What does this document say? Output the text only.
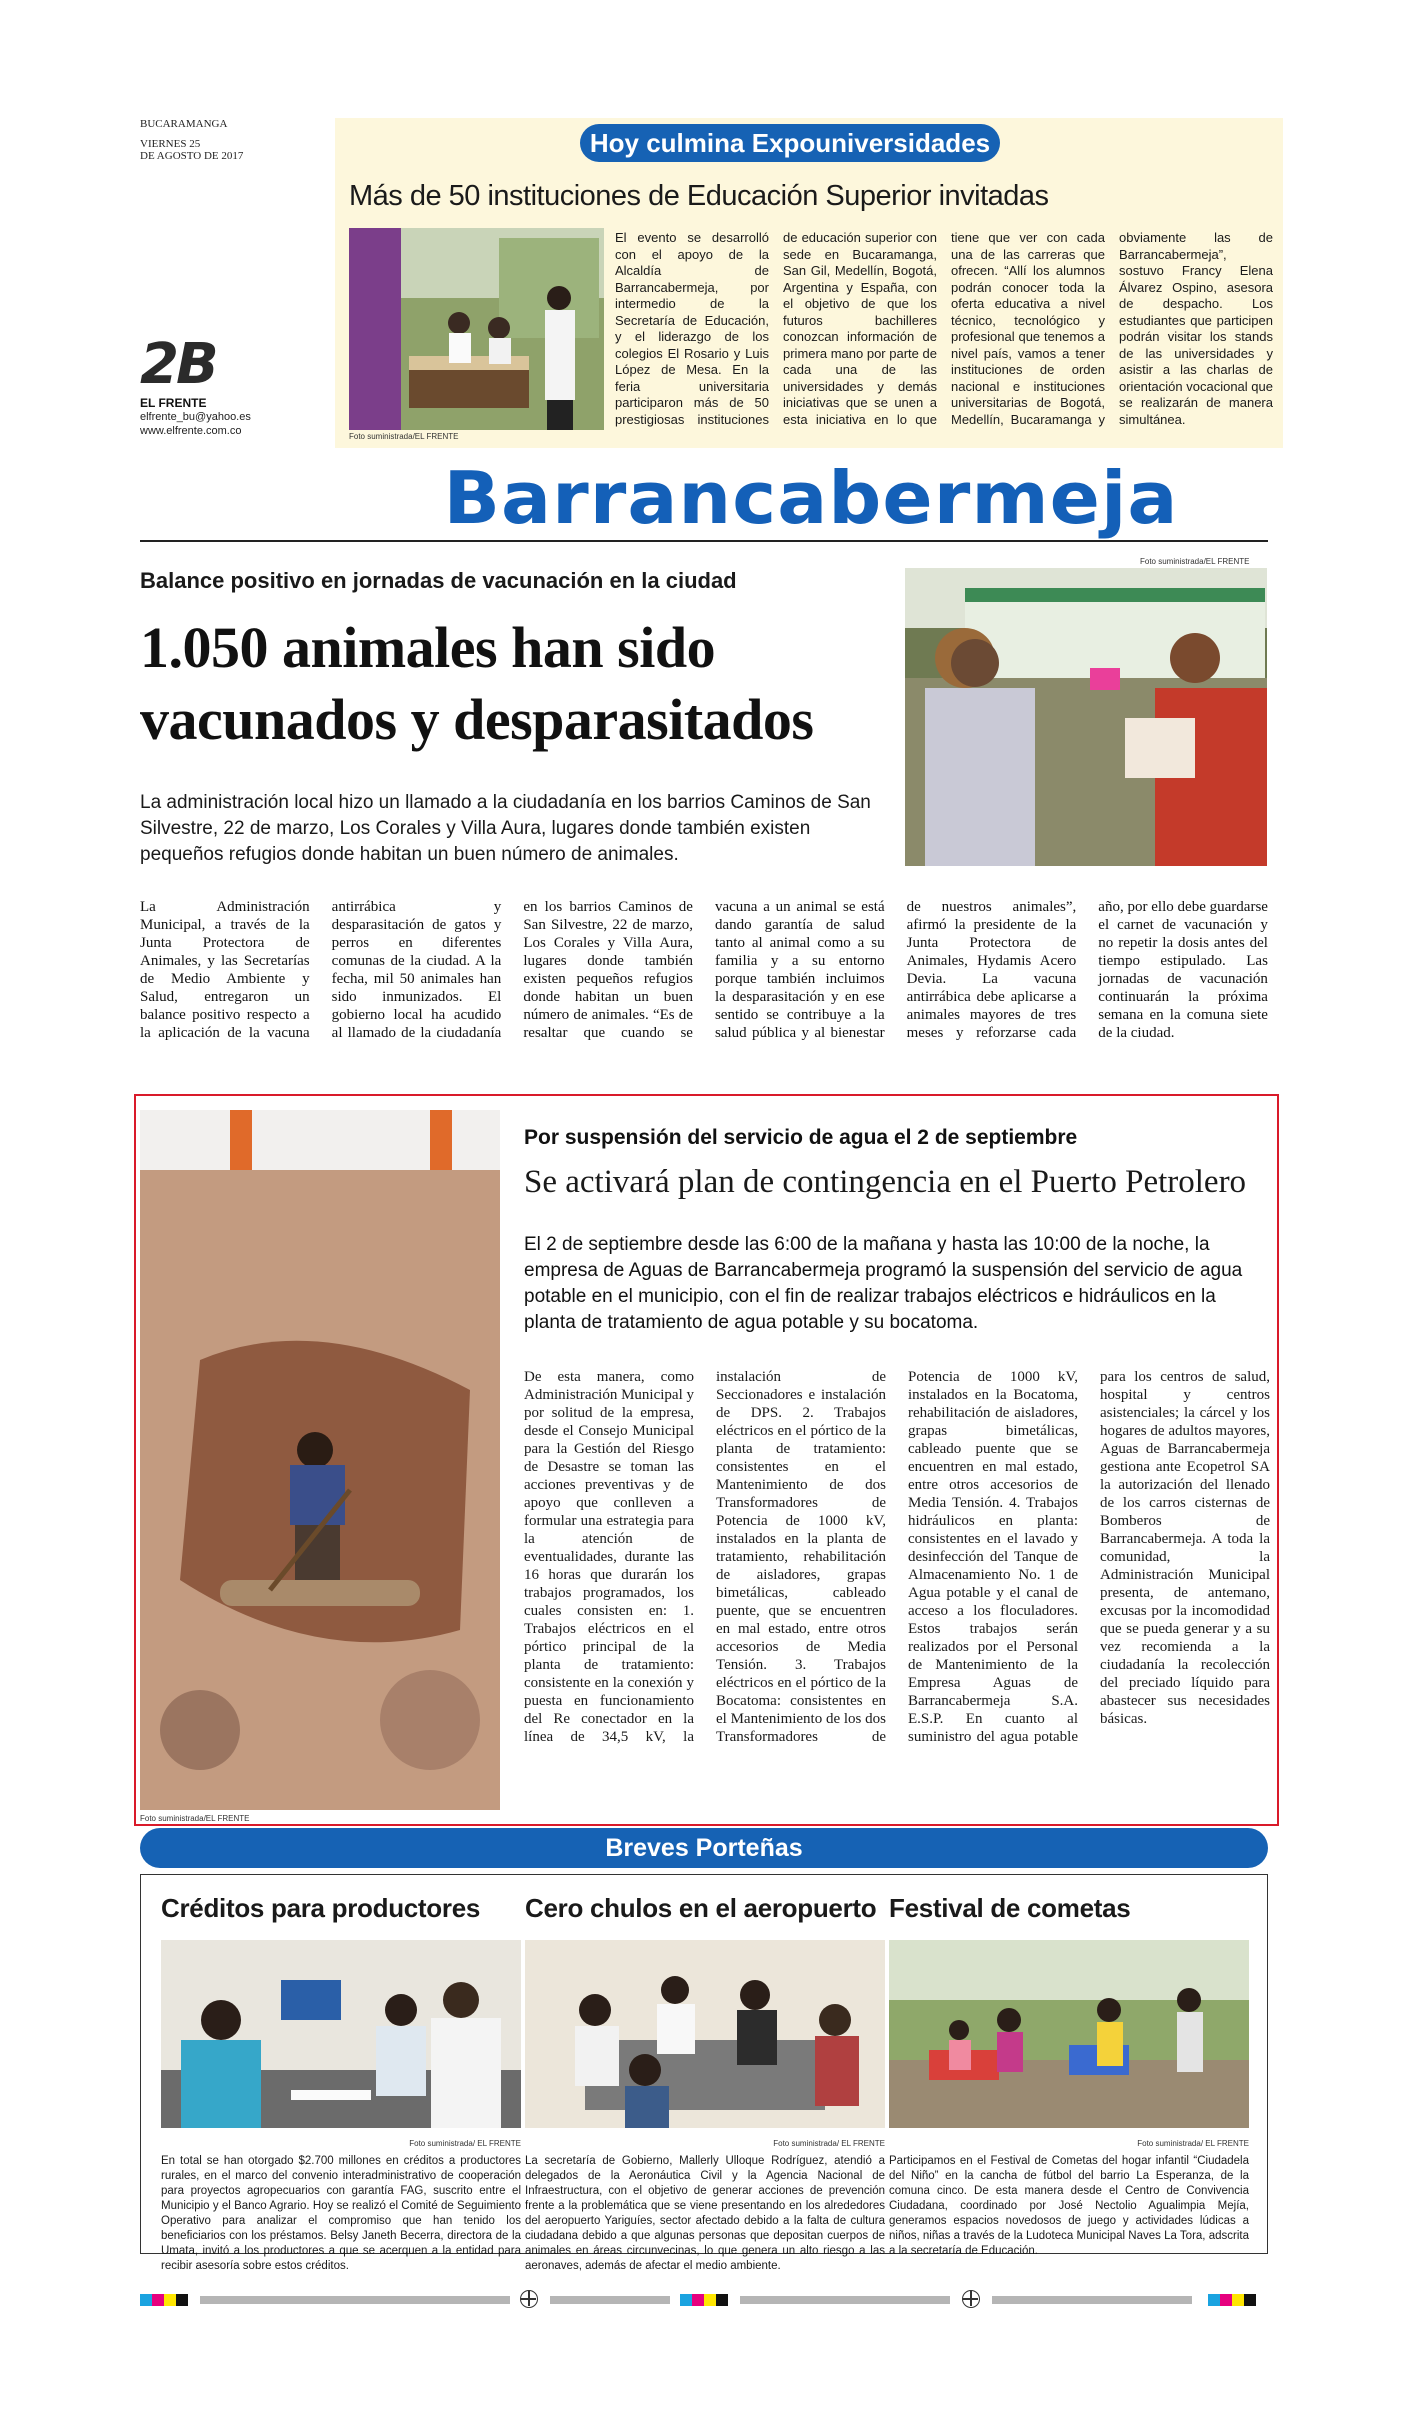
BUCARAMANGA
VIERNES 25
DE AGOSTO DE 2017
2B
EL FRENTE
elfrente_bu@yahoo.es
www.elfrente.com.co
Hoy culmina Expouniversidades
Más de 50 instituciones de Educación Superior invitadas
Foto suministrada/EL FRENTE
El evento se desarrolló con el apoyo de la Alcaldía de Barrancabermeja, por intermedio de la Secretaría de Educación, y el liderazgo de los colegios El Rosario y Luis López de Mesa. En la feria universitaria participaron más de 50 prestigiosas instituciones de educación superior con sede en Bucaramanga, San Gil, Medellín, Bogotá, Argentina y España, con el objetivo de que los futuros bachilleres conozcan información de primera mano por parte de cada una de las universidades y demás iniciativas que se unen a esta iniciativa en lo que tiene que ver con cada una de las carreras que ofrecen. “Allí los alumnos podrán conocer toda la oferta educativa a nivel técnico, tecnológico y profesional que tenemos a nivel país, vamos a tener instituciones de orden nacional e instituciones universitarias de Bogotá, Medellín, Bucaramanga y obviamente las de Barrancabermeja”, sostuvo Francy Elena Álvarez Ospino, asesora de despacho. Los estudiantes que participen podrán visitar los stands de las universidades y asistir a las charlas de orientación vocacional que se realizarán de manera simultánea.
Barrancabermeja
Balance positivo en jornadas de vacunación en la ciudad
1.050 animales han sido vacunados y desparasitados
La administración local hizo un llamado a la ciudadanía en los barrios Caminos de San Silvestre, 22 de marzo, Los Corales y Villa Aura, lugares donde también existen pequeños refugios donde habitan un buen número de animales.
Foto suministrada/EL FRENTE
La Administración Municipal, a través de la Junta Protectora de Animales, y las Secretarías de Medio Ambiente y Salud, entregaron un balance positivo respecto a la aplicación de la vacuna antirrábica y desparasitación de gatos y perros en diferentes comunas de la ciudad. A la fecha, mil 50 animales han sido inmunizados. El gobierno local ha acudido al llamado de la ciudadanía en los barrios Caminos de San Silvestre, 22 de marzo, Los Corales y Villa Aura, lugares donde también existen pequeños refugios donde habitan un buen número de animales. “Es de resaltar que cuando se vacuna a un animal se está dando garantía de salud tanto al animal como a su familia y a su entorno porque también incluimos la desparasitación y en ese sentido se contribuye a la salud pública y al bienestar de nuestros animales”, afirmó la presidente de la Junta Protectora de Animales, Hydamis Acero Devia. La vacuna antirrábica debe aplicarse a animales mayores de tres meses y reforzarse cada año, por ello debe guardarse el carnet de vacunación y no repetir la dosis antes del tiempo estipulado. Las jornadas de vacunación continuarán la próxima semana en la comuna siete de la ciudad.
Foto suministrada/EL FRENTE
Por suspensión del servicio de agua el 2 de septiembre
Se activará plan de contingencia en el Puerto Petrolero
El 2 de septiembre desde las 6:00 de la mañana y hasta las 10:00 de la noche, la empresa de Aguas de Barrancabermeja programó la suspensión del servicio de agua potable en el municipio, con el fin de realizar trabajos eléctricos e hidráulicos en la planta de tratamiento de agua potable y su bocatoma.
De esta manera, como Administración Municipal y por solitud de la empresa, desde el Consejo Municipal para la Gestión del Riesgo de Desastre se toman las acciones preventivas y de apoyo que conlleven a formular una estrategia para la atención de eventualidades, durante las 16 horas que durarán los trabajos programados, los cuales consisten en: 1. Trabajos eléctricos en el pórtico principal de la planta de tratamiento: consistente en la conexión y puesta en funcionamiento del Re conectador en la línea de 34,5 kV, la instalación de Seccionadores e instalación de DPS. 2. Trabajos eléctricos en el pórtico de la planta de tratamiento: consistentes en el Mantenimiento de dos Transformadores de Potencia de 1000 kV, instalados en la planta de tratamiento, rehabilitación de aisladores, grapas bimetálicas, cableado puente, que se encuentren en mal estado, entre otros accesorios de Media Tensión. 3. Trabajos eléctricos en el pórtico de la Bocatoma: consistentes en el Mantenimiento de los dos Transformadores de Potencia de 1000 kV, instalados en la Bocatoma, rehabilitación de aisladores, grapas bimetálicas, cableado puente que se encuentren en mal estado, entre otros accesorios de Media Tensión. 4. Trabajos hidráulicos en planta: consistentes en el lavado y desinfección del Tanque de Almacenamiento No. 1 de Agua potable y el canal de acceso a los floculadores. Estos trabajos serán realizados por el Personal de Mantenimiento de la Empresa Aguas de Barrancabermeja S.A. E.S.P. En cuanto al suministro del agua potable para los centros de salud, hospital y centros asistenciales; la cárcel y los hogares de adultos mayores, Aguas de Barrancabermeja gestiona ante Ecopetrol SA la autorización del llenado de los carros cisternas de Bomberos de Barrancabermeja. A toda la comunidad, la Administración Municipal presenta, de antemano, excusas por la incomodidad que se pueda generar y a su vez recomienda a la ciudadanía la recolección del preciado líquido para abastecer sus necesidades básicas.
Breves Porteñas
Créditos para productores
Foto suministrada/ EL FRENTE

En total se han otorgado $2.700 millones en créditos a productores rurales, en el marco del convenio interadministrativo de cooperación para proyectos agropecuarios con garantía FAG, suscrito entre el Municipio y el Banco Agrario. Hoy se realizó el Comité de Seguimiento Operativo para analizar el compromiso que han tenido los beneficiarios con los préstamos. Belsy Janeth Becerra, directora de la Umata, invitó a los productores a que se acerquen a la entidad para recibir asesoría sobre estos créditos.

Cero chulos en el aeropuerto
Foto suministrada/ EL FRENTE

La secretaría de Gobierno, Mallerly Ulloque Rodríguez, atendió a delegados de la Aeronáutica Civil y la Agencia Nacional de Infraestructura, con el objetivo de generar acciones de prevención frente a la problemática que se viene presentando en los alrededores del aeropuerto Yariguíes, sector afectado debido a la falta de cultura ciudadana debido a que algunas personas que depositan cuerpos de animales en áreas circunvecinas, lo que genera un alto riesgo a las aeronaves, además de afectar el medio ambiente.

Festival de cometas
Foto suministrada/ EL FRENTE

Participamos en el Festival de Cometas del hogar infantil “Ciudadela del Niño” en la cancha de fútbol del barrio La Esperanza, de la comuna cinco. De esta manera desde el Centro de Convivencia Ciudadana, coordinado por José Nectolio Agualimpia Mejía, generamos espacios novedosos de juego y actividades lúdicas a niños, niñas a través de la Ludoteca Municipal Naves La Tora, adscrita a la secretaría de Educación.
